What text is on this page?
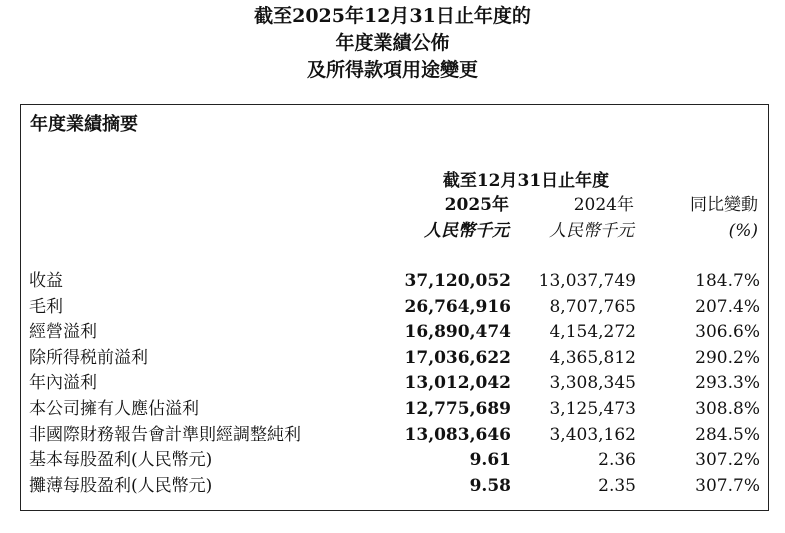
截至2025年12月31日止年度的
年度業績公佈
及所得款項用途變更
年度業績摘要
截至12月31日止年度
2025年	2024年	同比變動
人民幣千元 人民幣千元	(%)
收益	37,120,052 13,037,749	184.7%
毛利	26,764,916 8,707,765	207.4%
經營溢利	16,890,474 4,154,272	306.6%
除所得税前溢利	17,036,622 4,365,812	290.2%
年內溢利	13,012,042 3,308,345	293.3%
本公司擁有人應佔溢利	12,775,689 3,125,473	308.8%
非國際財務報告會計準則經調整純利	13,083,646 3,403,162	284.5%
基本每股盈利(人民幣元)	9.61	2.36	307.2%
攤薄每股盈利(人民幣元)	9.58	2.35	307.7%
